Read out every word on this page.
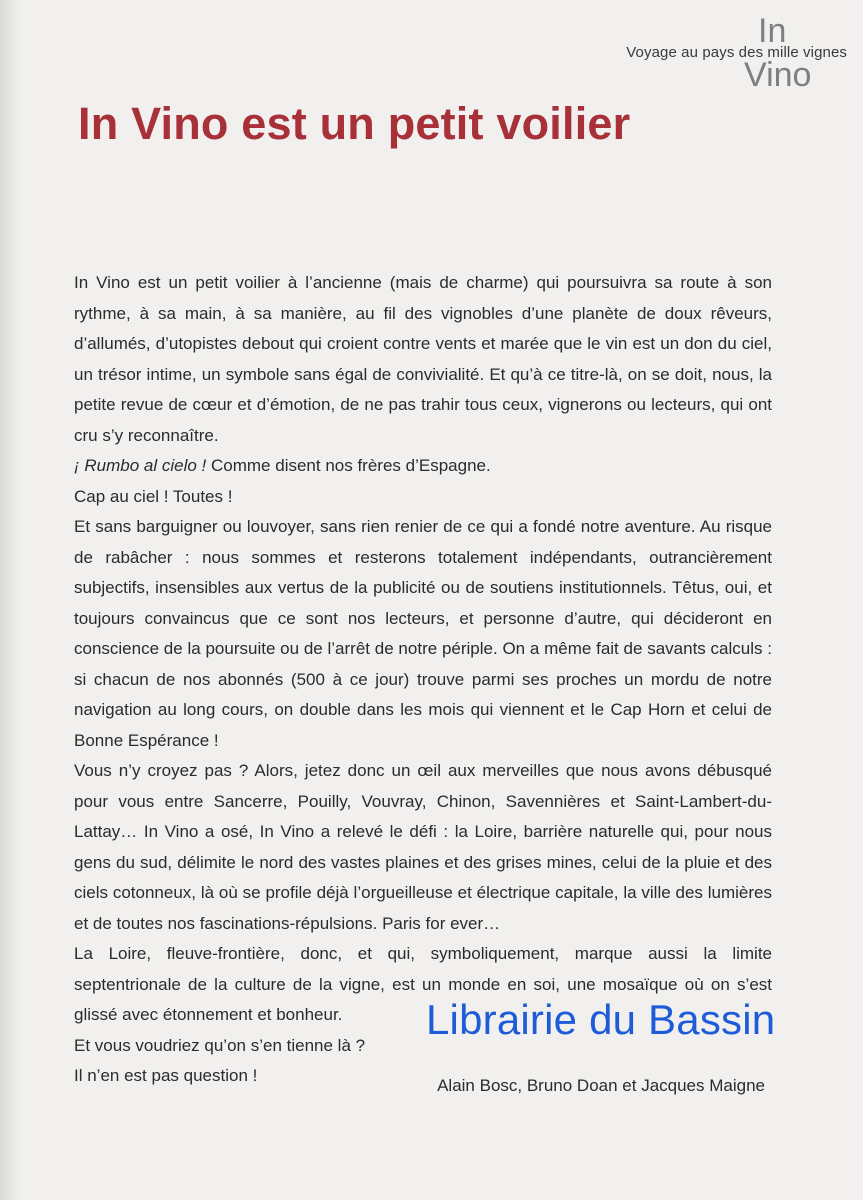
In
Vino
Voyage au pays des mille vignes
In Vino est un petit voilier

In Vino est un petit voilier à l’ancienne (mais de charme) qui poursuivra sa route à son rythme, à sa main, à sa manière, au fil des vignobles d’une planète de doux rêveurs, d’allumés, d’utopistes debout qui croient contre vents et marée que le vin est un don du ciel, un trésor intime, un symbole sans égal de convivialité. Et qu’à ce titre-là, on se doit, nous, la petite revue de cœur et d’émotion, de ne pas trahir tous ceux, vignerons ou lecteurs, qui ont cru s’y reconnaître.

¡ Rumbo al cielo ! Comme disent nos frères d’Espagne.

Cap au ciel ! Toutes !

Et sans barguigner ou louvoyer, sans rien renier de ce qui a fondé notre aventure. Au risque de rabâcher : nous sommes et resterons totalement indépendants, outrancièrement subjectifs, insensibles aux vertus de la publicité ou de soutiens institutionnels. Têtus, oui, et toujours convaincus que ce sont nos lecteurs, et personne d’autre, qui décideront en conscience de la poursuite ou de l’arrêt de notre périple. On a même fait de savants calculs : si chacun de nos abonnés (500 à ce jour) trouve parmi ses proches un mordu de notre navigation au long cours, on double dans les mois qui viennent et le Cap Horn et celui de Bonne Espérance !

Vous n’y croyez pas ? Alors, jetez donc un œil aux merveilles que nous avons débusqué pour vous entre Sancerre, Pouilly, Vouvray, Chinon, Savennières et Saint-Lambert-du-Lattay… In Vino a osé, In Vino a relevé le défi : la Loire, barrière naturelle qui, pour nous gens du sud, délimite le nord des vastes plaines et des grises mines, celui de la pluie et des ciels cotonneux, là où se profile déjà l’orgueilleuse et électrique capitale, la ville des lumières et de toutes nos fascinations-répulsions. Paris for ever…

La Loire, fleuve-frontière, donc, et qui, symboliquement, marque aussi la limite septentrionale de la culture de la vigne, est un monde en soi, une mosaïque où on s’est glissé avec étonnement et bonheur.

Et vous voudriez qu’on s’en tienne là ?

Il n’en est pas question !

Librairie du Bassin
Alain Bosc, Bruno Doan et Jacques Maigne
